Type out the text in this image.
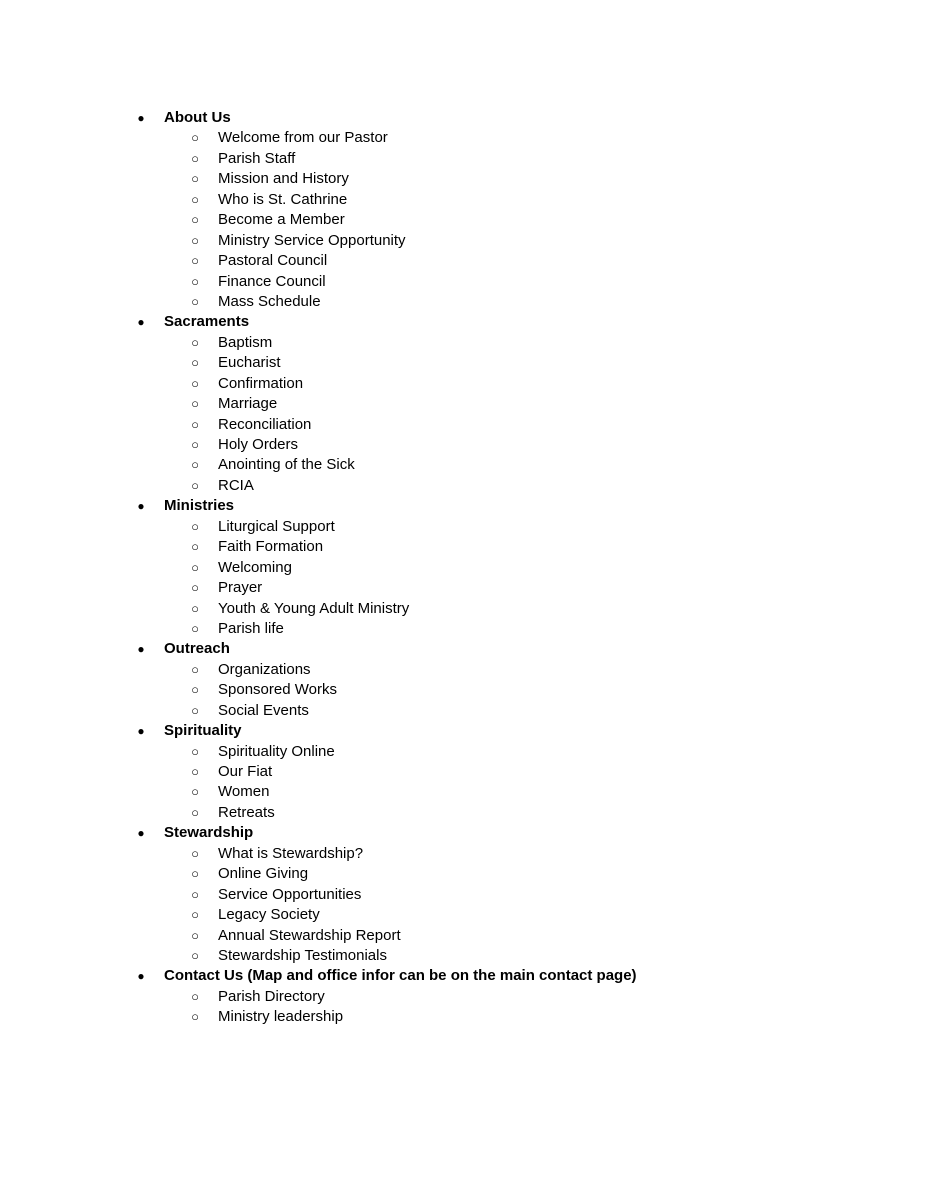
● About Us
○ Welcome from our Pastor
○ Parish Staff
○ Mission and History
○ Who is St. Cathrine
○ Become a Member
○ Ministry Service Opportunity
○ Pastoral Council
○ Finance Council
○ Mass Schedule
● Sacraments
○ Baptism
○ Eucharist
○ Confirmation
○ Marriage
○ Reconciliation
○ Holy Orders
○ Anointing of the Sick
○ RCIA
● Ministries
○ Liturgical Support
○ Faith Formation
○ Welcoming
○ Prayer
○ Youth & Young Adult Ministry
○ Parish life
● Outreach
○ Organizations
○ Sponsored Works
○ Social Events
● Spirituality
○ Spirituality Online
○ Our Fiat
○ Women
○ Retreats
● Stewardship
○ What is Stewardship?
○ Online Giving
○ Service Opportunities
○ Legacy Society
○ Annual Stewardship Report
○ Stewardship Testimonials
● Contact Us (Map and office infor can be on the main contact page)
○ Parish Directory
○ Ministry leadership
